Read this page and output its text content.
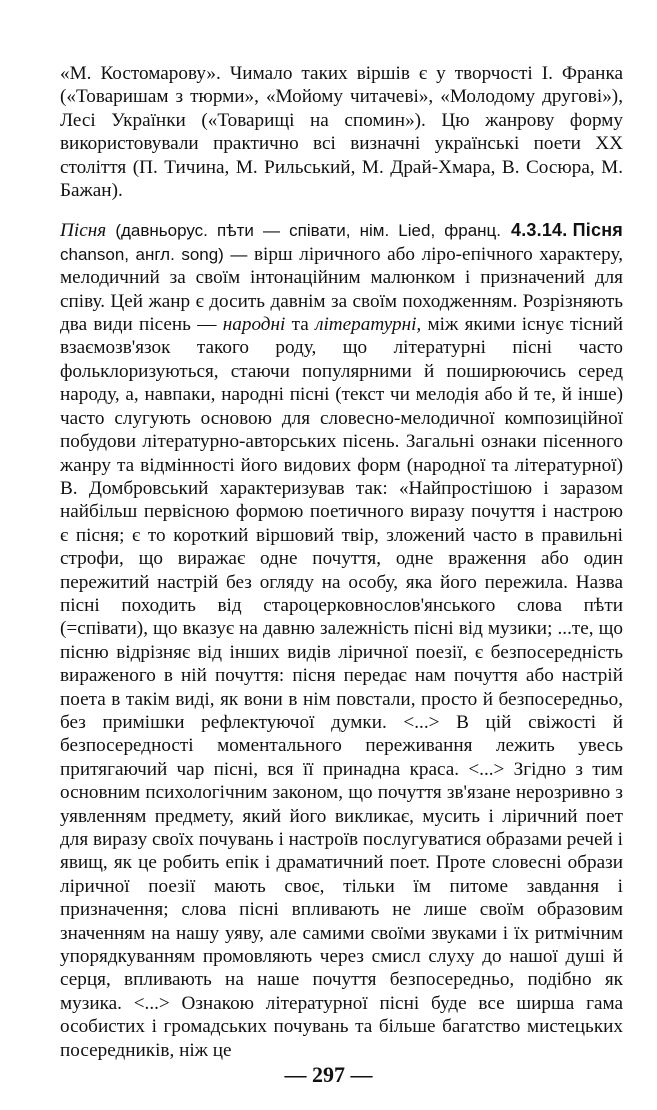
«М. Костомарову». Чимало таких віршів є у творчості І. Франка («Товаришам з тюрми», «Мойому читачеві», «Молодому другові»), Лесі Українки («Товарищі на спомин»). Цю жанрову форму використовували практично всі визначні українські поети XX століття (П. Тичина, М. Рильський, М. Драй-Хмара, В. Сосюра, М. Бажан).

4.3.14. Пісня

Пісня (давньорус. пѣти — співати, нім. Lied, франц. chanson, англ. song) — вірш ліричного або ліро-епічного характеру, мелодичний за своїм інтонаційним малюнком і призначений для співу. Цей жанр є досить давнім за своїм походженням. Розрізняють два види пісень — народні та літературні, між якими існує тісний взаємозв'язок такого роду, що літературні пісні часто фольклоризуються, стаючи популярними й поширюючись серед народу, а, навпаки, народні пісні (текст чи мелодія або й те, й інше) часто слугують основою для словесно-мелодичної композиційної побудови літературно-авторських пісень. Загальні ознаки пісенного жанру та відмінності його видових форм (народної та літературної) В. Домбровський характеризував так: «Найпростішою і заразом найбільш первісною формою поетичного виразу почуття і настрою є пісня; є то короткий віршовий твір, зложений часто в правильні строфи, що виражає одне почуття, одне враження або один пережитий настрій без огляду на особу, яка його пережила. Назва пісні походить від староцерковнослов'янського слова пѣти (=співати), що вказує на давню залежність пісні від музики; ...те, що пісню відрізняє від інших видів ліричної поезії, є безпосередність вираженого в ній почуття: пісня передає нам почуття або настрій поета в такім виді, як вони в нім повстали, просто й безпосередньо, без примішки рефлектуючої думки. <...> В цій свіжості й безпосередності моментального переживання лежить увесь притягаючий чар пісні, вся її принадна краса. <...> Згідно з тим основним психологічним законом, що почуття зв'язане нерозривно з уявленням предмету, який його викликає, мусить і ліричний поет для виразу своїх почувань і настроїв послугуватися образами речей і явищ, як це робить епік і драматичний поет. Проте словесні образи ліричної поезії мають своє, тільки їм питоме завдання і призначення; слова пісні впливають не лише своїм образовим значенням на нашу уяву, але самими своїми звуками і їх ритмічним упорядкуванням промовляють через смисл слуху до нашої душі й серця, впливають на наше почуття безпосередньо, подібно як музика. <...> Ознакою літературної пісні буде все ширша гама особистих і громадських почувань та більше багатство мистецьких посередників, ніж це

— 297 —
